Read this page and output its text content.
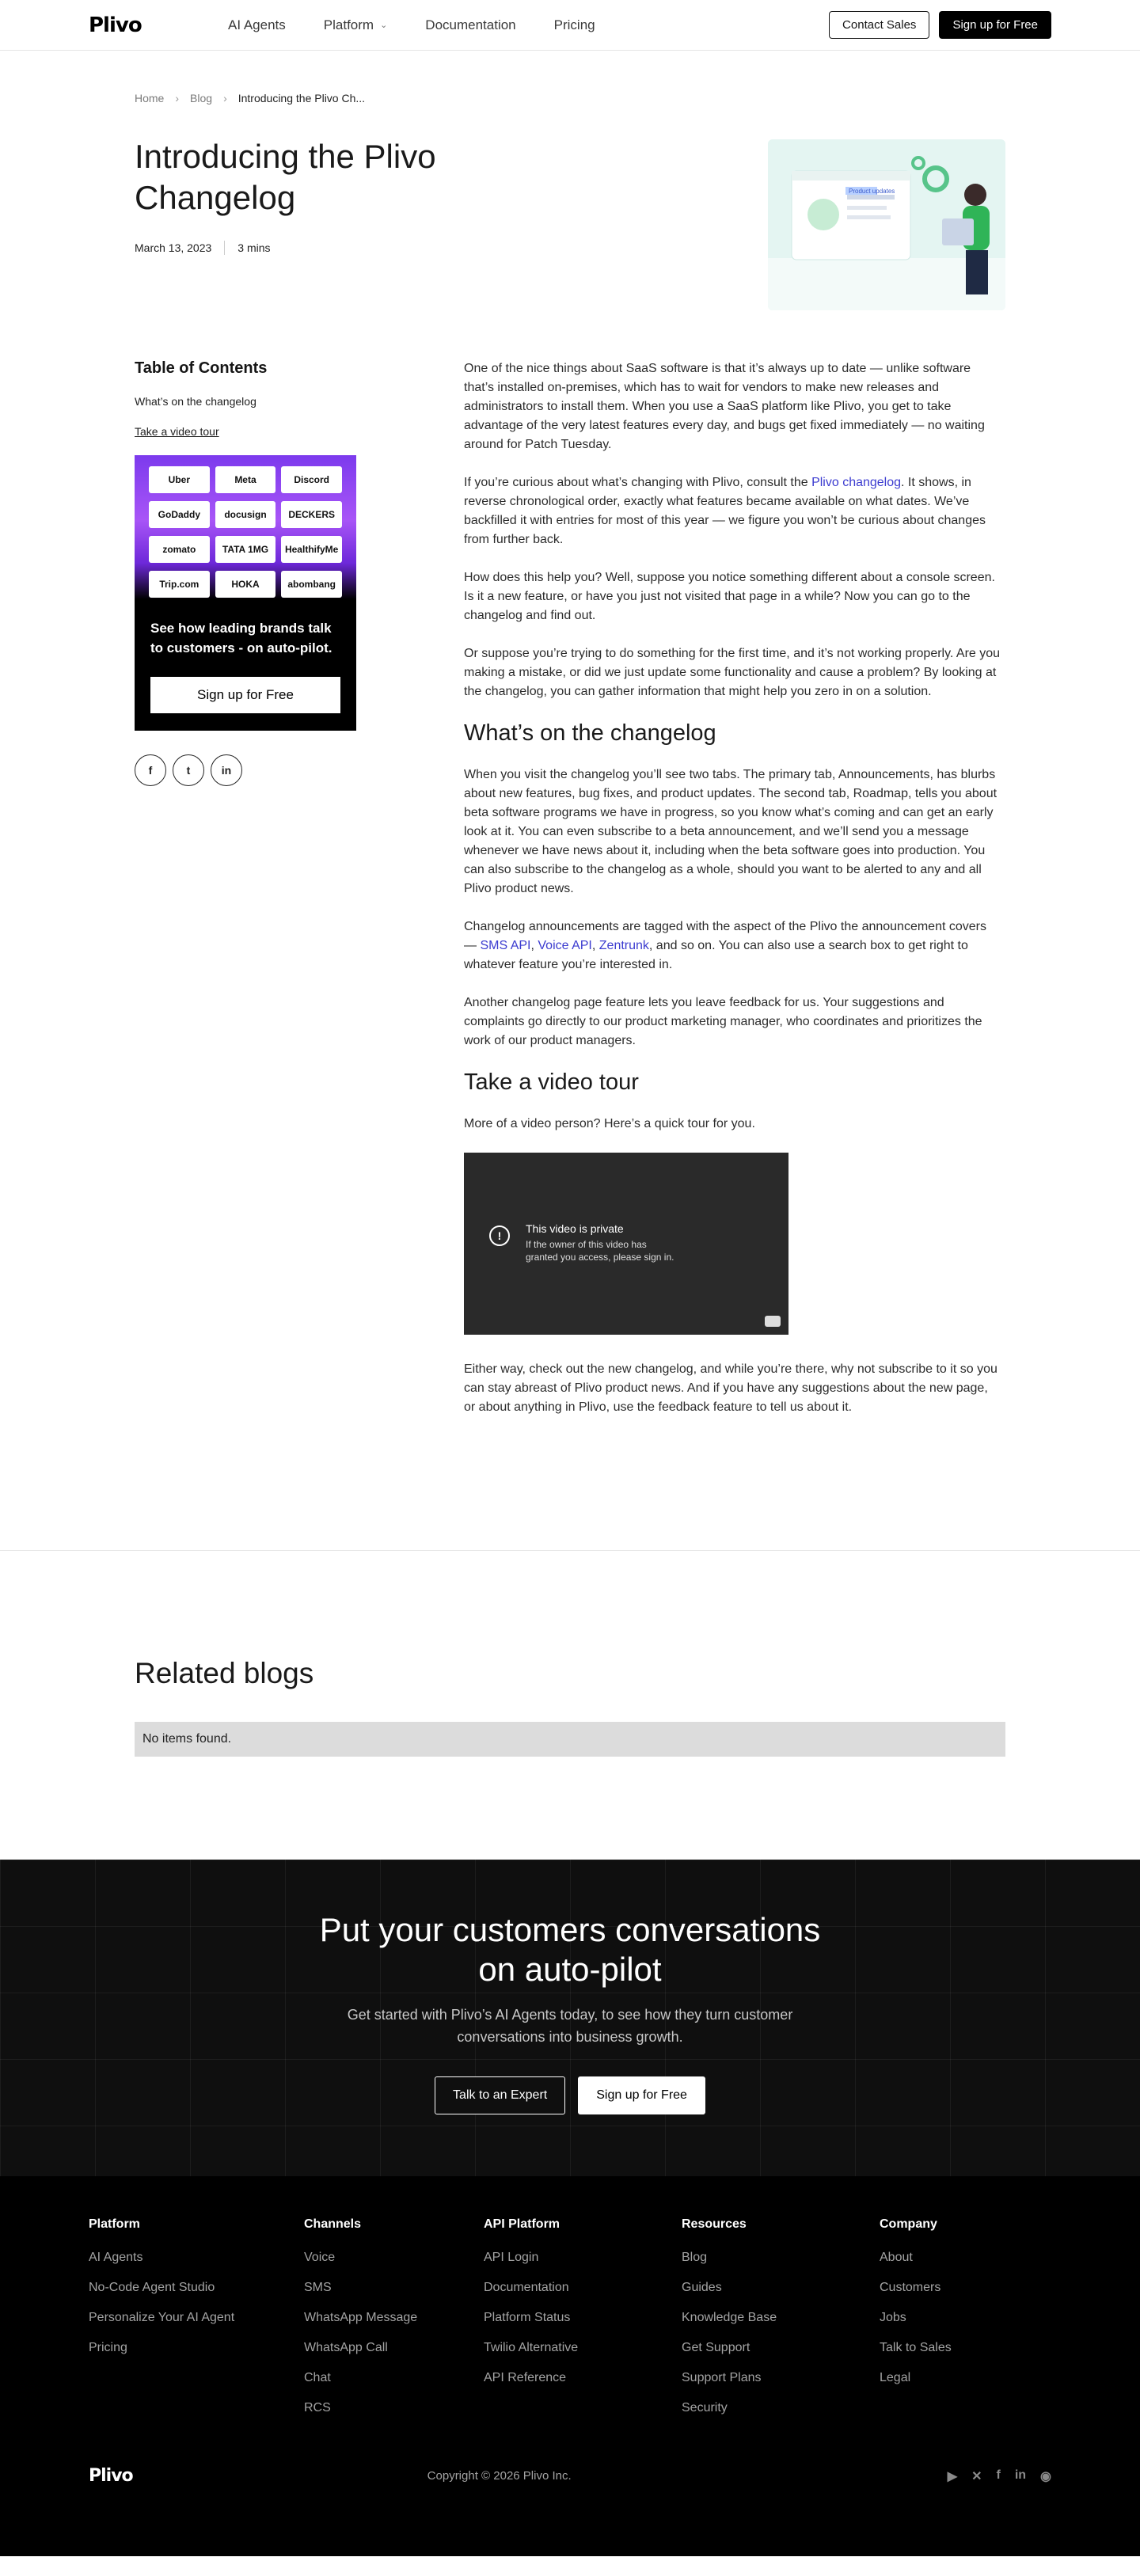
Plivo	AI Agents	Platform ⌄	Documentation	Pricing	Contact Sales	Sign up for Free
Home › Blog › Introducing the Plivo Ch...
Introducing the Plivo Changelog
March 13, 2023 3 mins
Product updates
Table of Contents
What’s on the changelog
Take a video tour
Uber	Meta	Discord
GoDaddy	docusign	DECKERS
zomato	TATA 1MG	HealthifyMe
Trip.com	HOKA	abombang
See how leading brands talk to customers - on auto-pilot.
Sign up for Free
f	t	in

One of the nice things about SaaS software is that it’s always up to date — unlike software that’s installed on-premises, which has to wait for vendors to make new releases and administrators to install them. When you use a SaaS platform like Plivo, you get to take advantage of the very latest features every day, and bugs get fixed immediately — no waiting around for Patch Tuesday.

If you’re curious about what’s changing with Plivo, consult the Plivo changelog. It shows, in reverse chronological order, exactly what features became available on what dates. We’ve backfilled it with entries for most of this year — we figure you won’t be curious about changes from further back.

How does this help you? Well, suppose you notice something different about a console screen. Is it a new feature, or have you just not visited that page in a while? Now you can go to the changelog and find out.

Or suppose you’re trying to do something for the first time, and it’s not working properly. Are you making a mistake, or did we just update some functionality and cause a problem? By looking at the changelog, you can gather information that might help you zero in on a solution.

What’s on the changelog

When you visit the changelog you’ll see two tabs. The primary tab, Announcements, has blurbs about new features, bug fixes, and product updates. The second tab, Roadmap, tells you about beta software programs we have in progress, so you know what’s coming and can get an early look at it. You can even subscribe to a beta announcement, and we’ll send you a message whenever we have news about it, including when the beta software goes into production. You can also subscribe to the changelog as a whole, should you want to be alerted to any and all Plivo product news.

Changelog announcements are tagged with the aspect of the Plivo the announcement covers — SMS API, Voice API, Zentrunk, and so on. You can also use a search box to get right to whatever feature you’re interested in.

Another changelog page feature lets you leave feedback for us. Your suggestions and complaints go directly to our product marketing manager, who coordinates and prioritizes the work of our product managers.

Take a video tour

More of a video person? Here’s a quick tour for you.

!
This video is private
If the owner of this video has granted you access, please sign in.

Either way, check out the new changelog, and while you’re there, why not subscribe to it so you can stay abreast of Plivo product news. And if you have any suggestions about the new page, or about anything in Plivo, use the feedback feature to tell us about it.

Related blogs
No items found.
Put your customers conversations on auto-pilot

Get started with Plivo’s AI Agents today, to see how they turn customer conversations into business growth.

Talk to an Expert	Sign up for Free
Platform
AI Agents
No-Code Agent Studio
Personalize Your AI Agent
Pricing
Channels
Voice
SMS
WhatsApp Message
WhatsApp Call
Chat
RCS
API Platform
API Login
Documentation
Platform Status
Twilio Alternative
API Reference
Resources
Blog
Guides
Knowledge Base
Get Support
Support Plans
Security
Company
About
Customers
Jobs
Talk to Sales
Legal
Plivo	Copyright © 2026 Plivo Inc.	▶ ✕ f in ◉
